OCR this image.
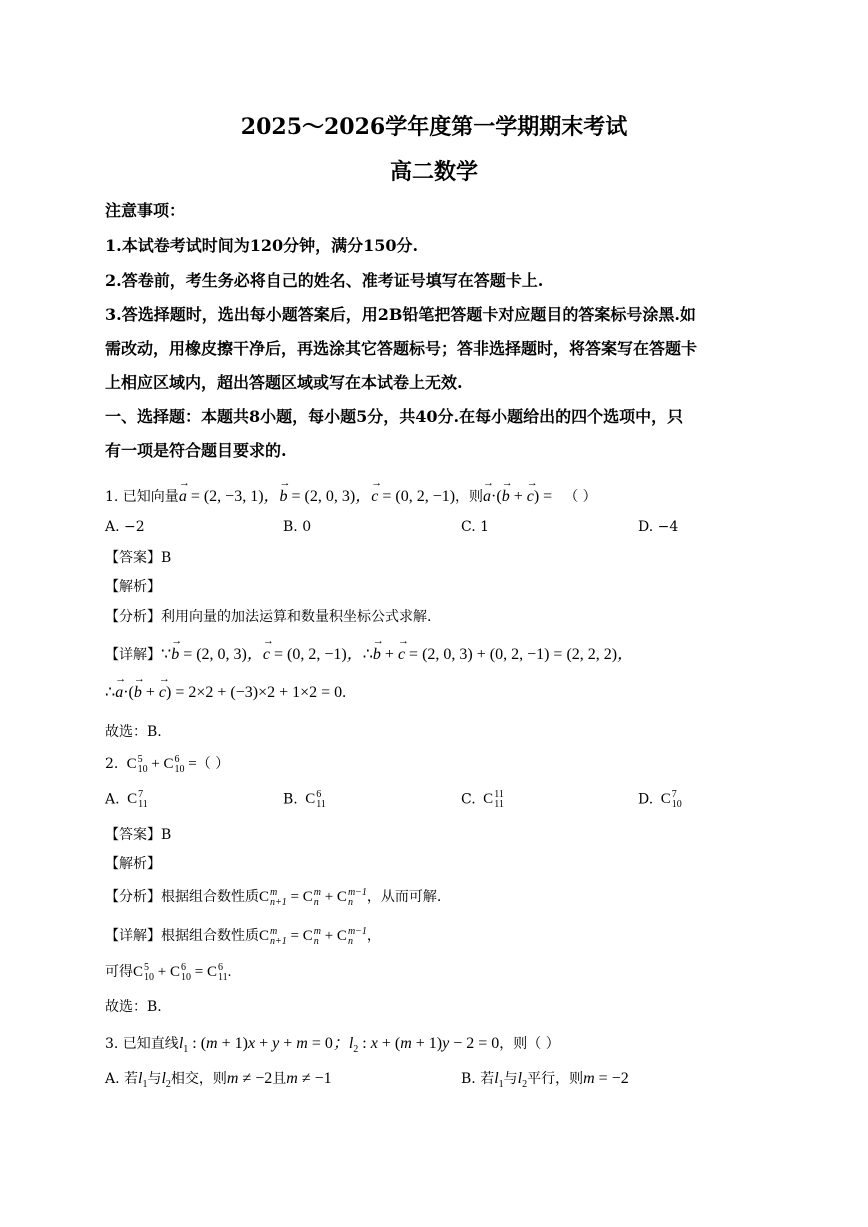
2025～2026学年度第一学期期末考试
高二数学
注意事项：
1.本试卷考试时间为120分钟，满分150分.
2.答卷前，考生务必将自己的姓名、准考证号填写在答题卡上.
3.答选择题时，选出每小题答案后，用2B铅笔把答题卡对应题目的答案标号涂黑.如
需改动，用橡皮擦干净后，再选涂其它答题标号；答非选择题时，将答案写在答题卡
上相应区域内，超出答题区域或写在本试卷上无效.
一、选择题：本题共8小题，每小题5分，共40分.在每小题给出的四个选项中，只
有一项是符合题目要求的.
1. 已知向量→ a = (2, −3, 1)，→ b = (2, 0, 3)，→ c = (0, 2, −1)，则→ a·(→ b + → c) = （ ）
A. −2	B. 0	C. 1	D. −4
【答案】B
【解析】
【分析】利用向量的加法运算和数量积坐标公式求解.
【详解】∵→ b = (2, 0, 3)，→ c = (0, 2, −1)，∴→ b + → c = (2, 0, 3) + (0, 2, −1) = (2, 2, 2)，
∴→ a·(→ b + → c) = 2×2 + (−3)×2 + 1×2 = 0.
故选：B.
2.  C 5
10 + C 6
10 =（ ）
A.  C 7
11	B.  C 6
11	C.  C 11
11	D.  C 7
10
【答案】B
【解析】
【分析】根据组合数性质C m
n+1 = C m
n + C m−1
n ，从而可解.
【详解】根据组合数性质C m
n+1 = C m
n + C m−1
n ，
可得C 5
10 + C 6
10 = C 6
11 .
故选：B.
3. 已知直线$l_1$ : (m + 1)x + y + m = 0；$l_2$ : x + (m + 1)y − 2 = 0，则（ ）
A. 若$l_1$与$l_2$相交，则m ≠ −2且m ≠ −1	B. 若$l_1$与$l_2$平行，则m = −2
